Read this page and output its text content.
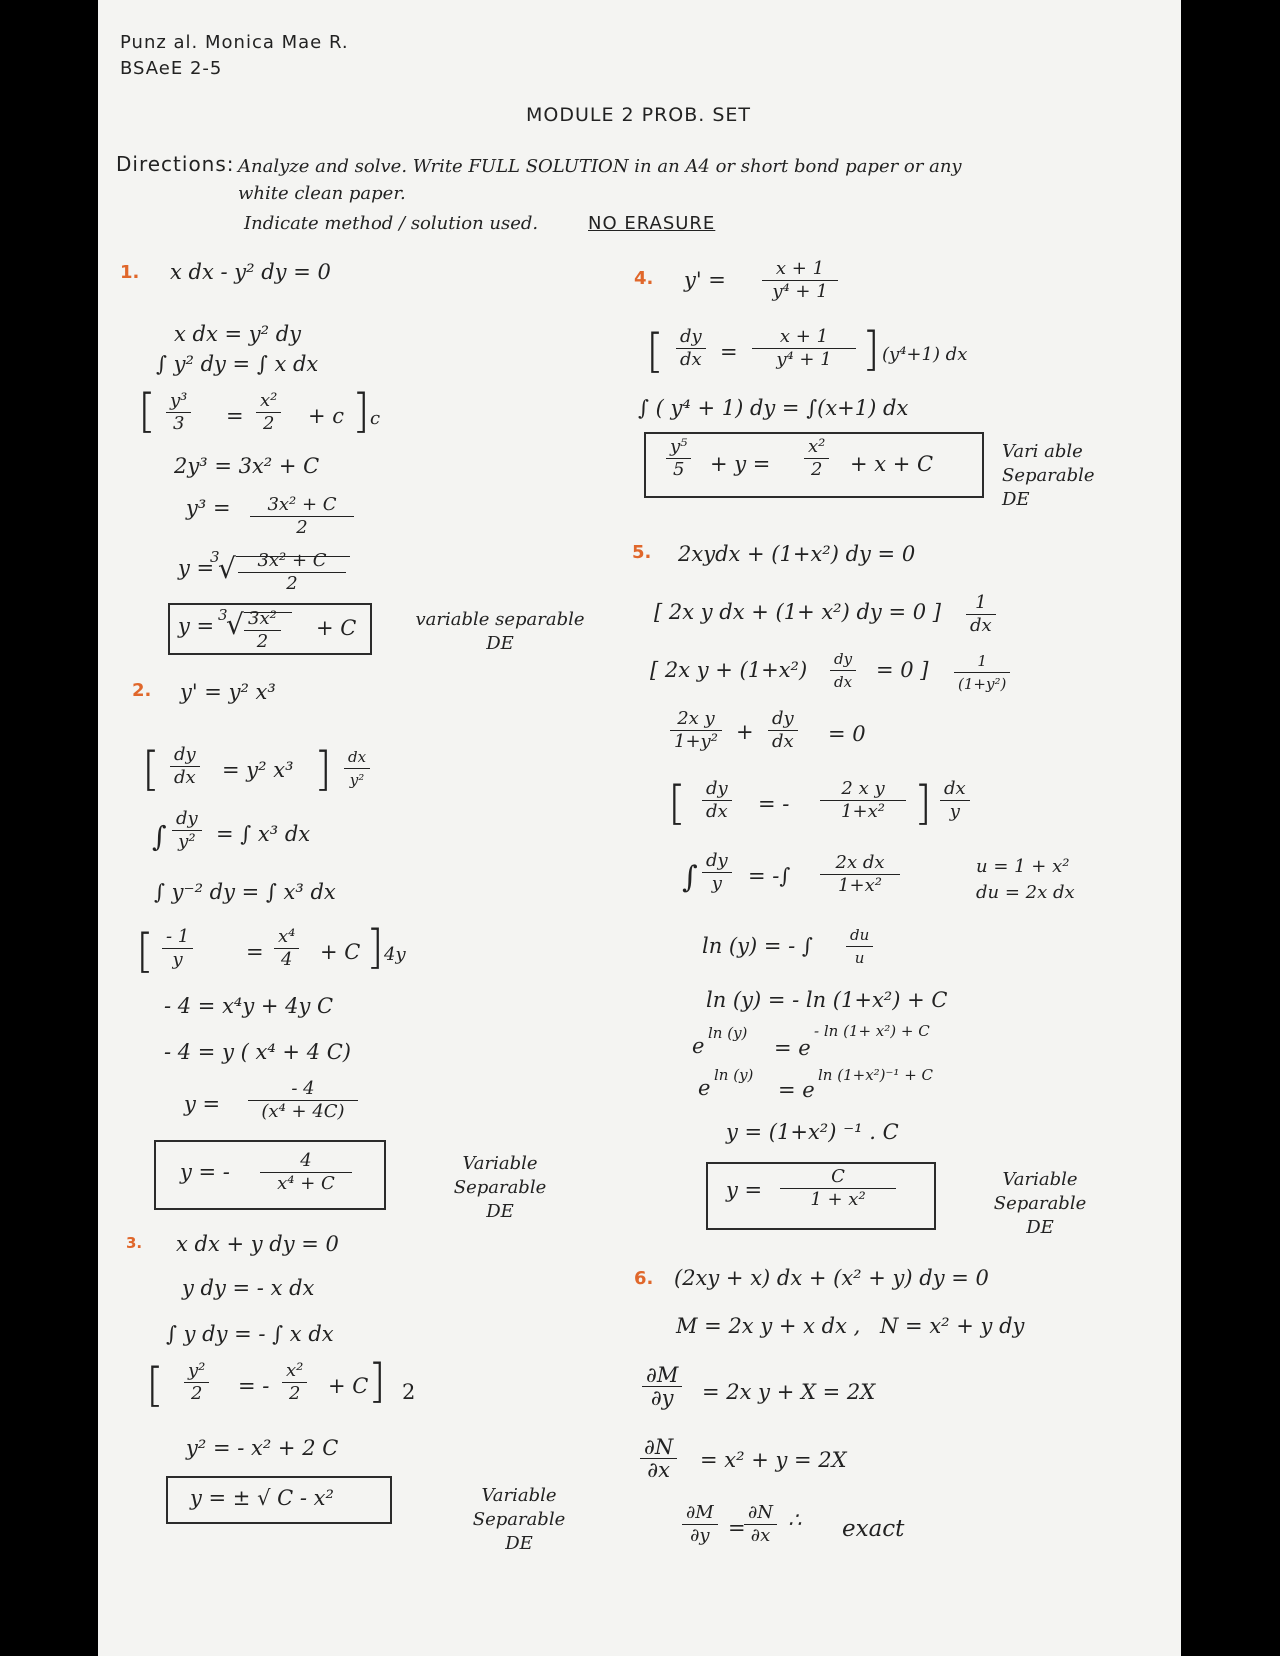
Punz al. Monica Mae R.
BSAeE 2-5
MODULE 2 PROB. SET
Directions: Analyze and solve. Write FULL SOLUTION in an A4 or short bond paper or any
white clean paper.
Indicate method / solution used.	NO ERASURE
1. x dx - y² dy = 0
x dx = y² dy
∫ y² dy = ∫ x dx
[ $\frac{\text{y³}}{3} = \frac{\text{x²}}{2} + c$ ] c
2y³ = 3x² + C
$y^3 = \frac{\text{3x² + C}}{2}$
y =
3
√ $\frac{\text{3x² + C}}{2}$
y = 3
√ $\frac{\text{3x²}}{2} + C$	variable separable
DE
2. y' = y² x³
[ $\frac{dy}{dx} = y^2$ x³ ] $\frac{dx}{\text{y²}}$
∫ $\frac{dy}{\text{y²}}$ = ∫ x³ dx
∫ y⁻² dy = ∫ x³ dx
[ $\frac{- 1}{y}$	= $\frac{\text{x⁴}}{4} + C$ ] 4y
- 4 = x⁴y + 4y C
- 4 = y ( x⁴ + 4 C)
$y = \frac{- 4}{\text{(x⁴ + 4C)}}$
y = - $\frac{4}{\text{x⁴ + C}}$	Variable Separable
DE
3. x dx + y dy = 0
y dy = - x dx
∫ y dy = - ∫ x dx
[ $\frac{\text{y²}}{2}$ = - $\frac{\text{x²}}{2} + C$ ] 2
y² = - x² + 2 C
y = ± √ C - x²	Variable Separable
DE
4. $y' = \frac{x + 1}{\text{y⁴ + 1}}$
[ $\frac{dy}{dx} = \frac{x + 1}{\text{y⁴ + 1}}$ ] (y⁴+1) dx
∫ ( y⁴ + 1) dy = ∫(x+1) dx
$\frac{\text{y⁵}}{5} + y = \frac{\text{x²}}{2} + x + C$
Vari able
Separable DE
5. 2xydx + (1+x²) dy = 0
[ 2x y dx + (1+ x²) dy = 0 ] $\frac{1}{dx}$
[ 2x $y + (1+x^2) \frac{dy}{dx} = 0$ ] $\frac{1}{\text{(1+y²)}}$
$\frac{\text{2x y}}{\text{1+y²}} + \frac{dy}{dx} = 0$
[ $\frac{dy}{dx}$ = - $\frac{\text{2 x y}}{\text{1+x²}}$ ] $\frac{dx}{y}$
∫ $\frac{dy}{y}$ = -∫ $\frac{\text{2x dx}}{\text{1+x²}}$	u = 1 + x²
du = 2x dx
ln (y) = - ∫ $\frac{du}{u}$
ln (y) = - ln (1+x²) + C
e
ln (y)
= e
- ln (1+ x²) + C
e
ln (y)
= e
ln (1+x²)⁻¹ + C
y = (1+x²) ⁻¹ . C
$y = \frac{C}{\text{1 + x²}}$	Variable Separable
DE
6. (2xy + x) dx + (x² + y) dy = 0
M = 2x y + x dx , N = x² + y dy
$\frac{\partial M}{\partial y} = 2x$ y + X = 2X
$\frac{\partial N}{\partial x} = x^2 + y = 2X$
$\frac{\partial M}{\partial y}$ =
$\frac{\partial N}{\partial x}$ ∴ exact
